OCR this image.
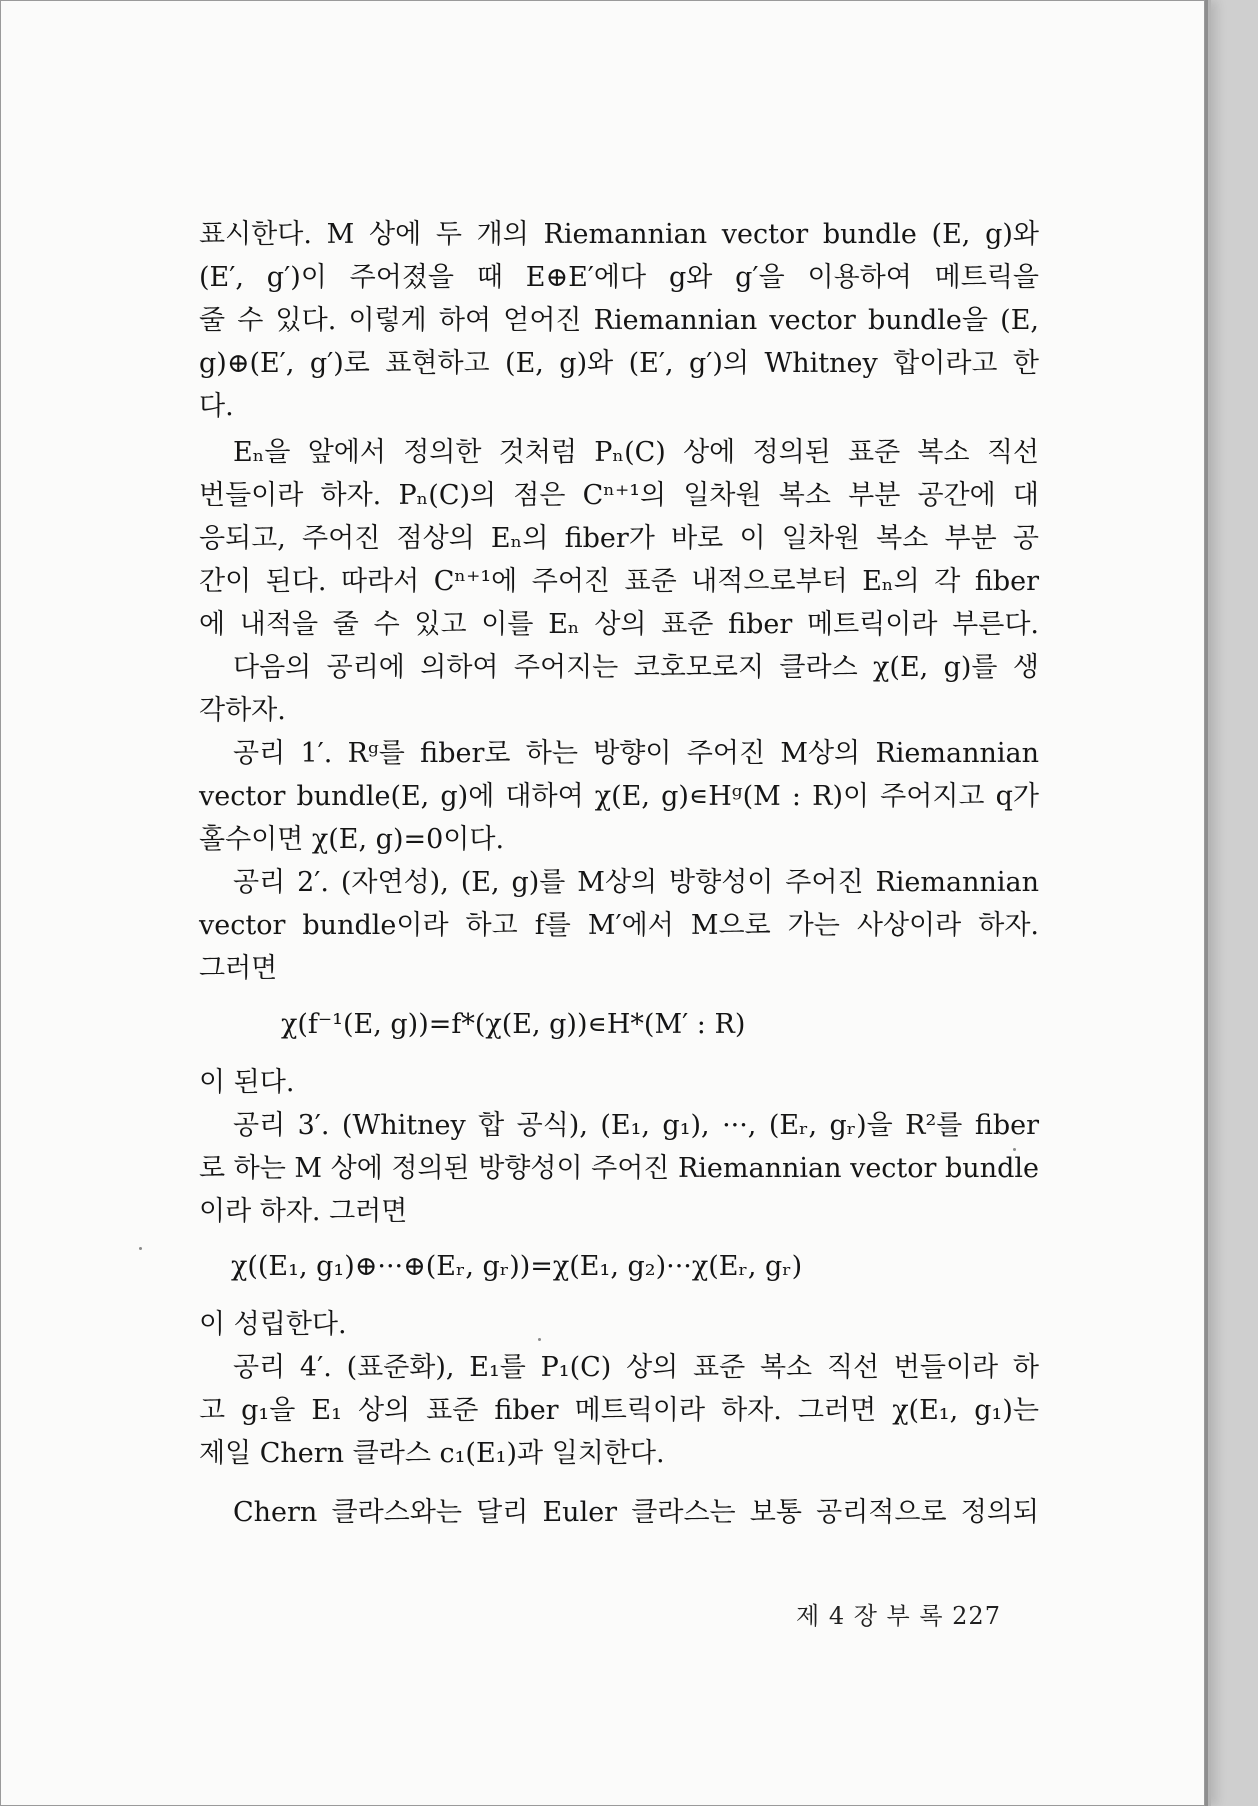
표시한다. M 상에 두 개의 Riemannian vector bundle (E, g)와
(E′, g′)이 주어졌을 때 E⊕E′에다 g와 g′을 이용하여 메트릭을
줄 수 있다. 이렇게 하여 얻어진 Riemannian vector bundle을 (E,
g)⊕(E′, g′)로 표현하고 (E, g)와 (E′, g′)의 Whitney 합이라고 한
다.
Eₙ을 앞에서 정의한 것처럼 Pₙ(C) 상에 정의된 표준 복소 직선
번들이라 하자. Pₙ(C)의 점은 Cⁿ⁺¹의 일차원 복소 부분 공간에 대
응되고, 주어진 점상의 Eₙ의 fiber가 바로 이 일차원 복소 부분 공
간이 된다. 따라서 Cⁿ⁺¹에 주어진 표준 내적으로부터 Eₙ의 각 fiber
에 내적을 줄 수 있고 이를 Eₙ 상의 표준 fiber 메트릭이라 부른다.
다음의 공리에 의하여 주어지는 코호모로지 클라스 χ(E, g)를 생
각하자.
공리 1′. Rᵍ를 fiber로 하는 방향이 주어진 M상의 Riemannian
vector bundle(E, g)에 대하여 χ(E, g)∊Hᵍ(M : R)이 주어지고 q가
홀수이면 χ(E, g)=0이다.
공리 2′. (자연성), (E, g)를 M상의 방향성이 주어진 Riemannian
vector bundle이라 하고 f를 M′에서 M으로 가는 사상이라 하자.
그러면
χ(f⁻¹(E, g))=f*(χ(E, g))∊H*(M′ : R)
이 된다.
공리 3′. (Whitney 합 공식), (E₁, g₁), ···, (Eᵣ, gᵣ)을 R²를 fiber
로 하는 M 상에 정의된 방향성이 주어진 Riemannian vector bundle
이라 하자. 그러면
χ((E₁, g₁)⊕···⊕(Eᵣ, gᵣ))=χ(E₁, g₂)···χ(Eᵣ, gᵣ)
이 성립한다.
공리 4′. (표준화), E₁를 P₁(C) 상의 표준 복소 직선 번들이라 하
고 g₁을 E₁ 상의 표준 fiber 메트릭이라 하자. 그러면 χ(E₁, g₁)는
제일 Chern 클라스 c₁(E₁)과 일치한다.
Chern 클라스와는 달리 Euler 클라스는 보통 공리적으로 정의되
제 4 장 부 록 227
